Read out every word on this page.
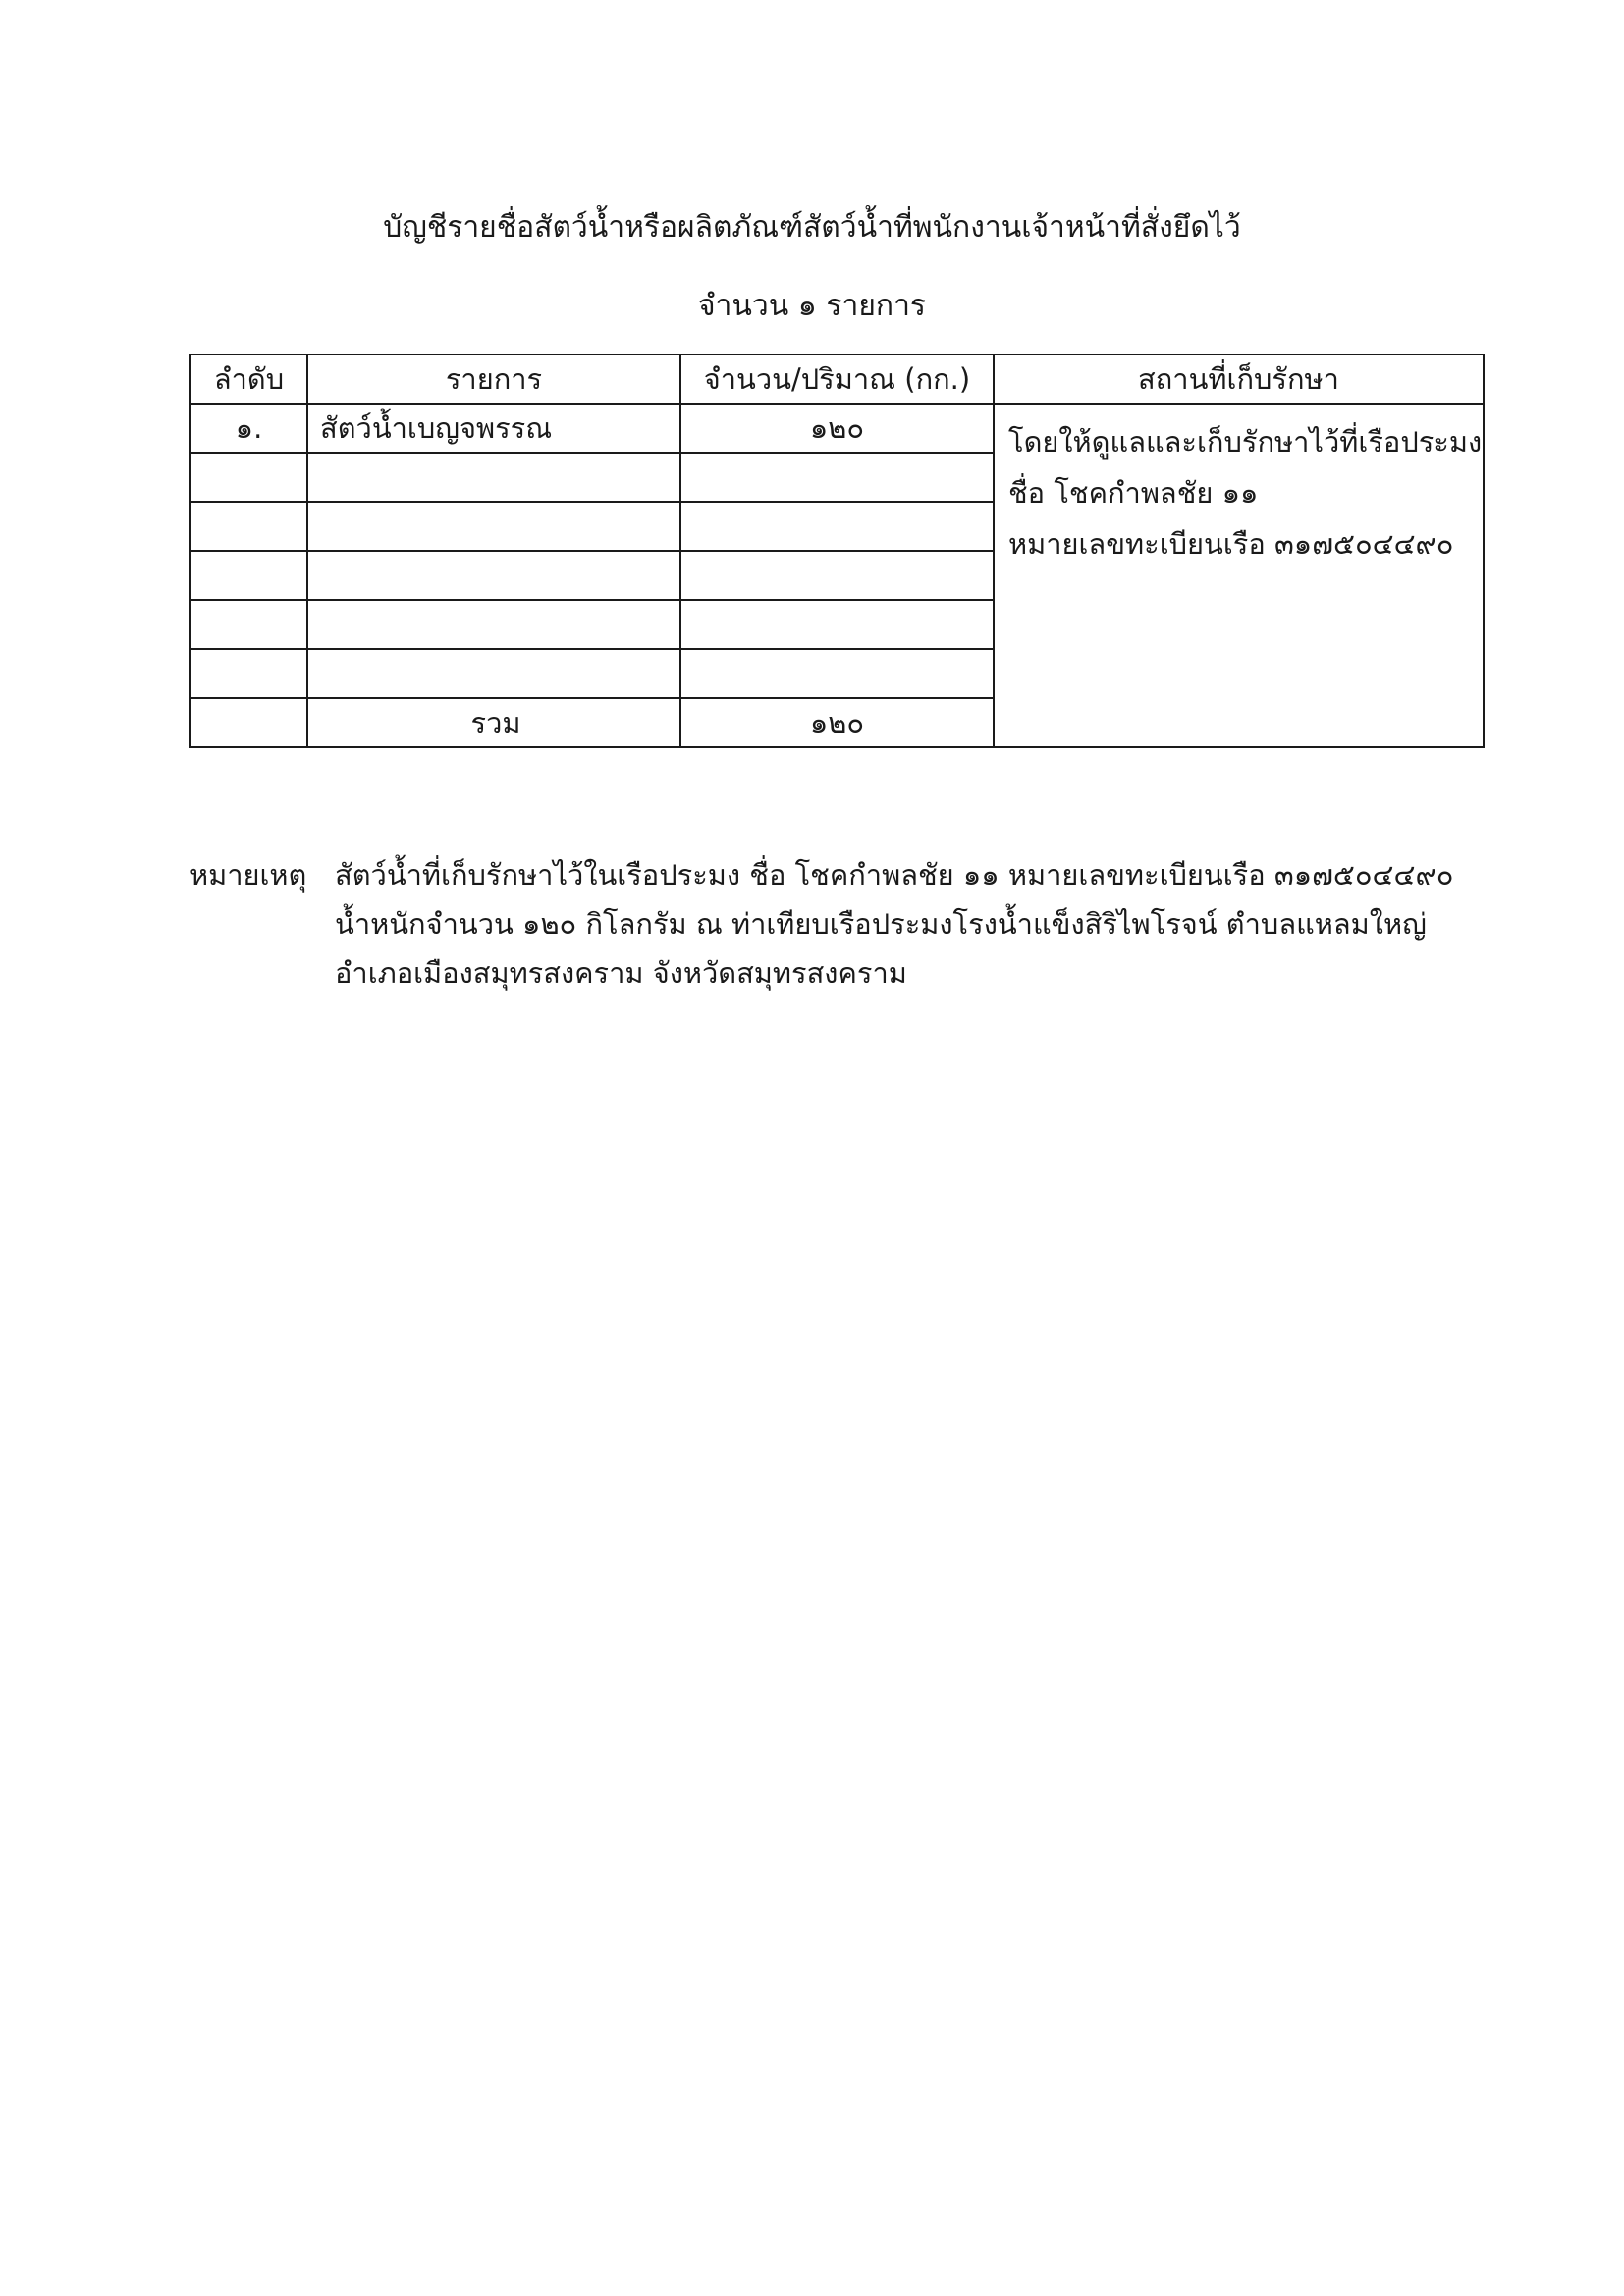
บัญชีรายชื่อสัตว์น้ำหรือผลิตภัณฑ์สัตว์น้ำที่พนักงานเจ้าหน้าที่สั่งยึดไว้
จำนวน ๑ รายการ
ลำดับ	รายการ	จำนวน/ปริมาณ (กก.)	สถานที่เก็บรักษา
๑.	สัตว์น้ำเบญจพรรณ	๑๒๐	โดยให้ดูแลและเก็บรักษาไว้ที่เรือประมง
ชื่อ โชคกำพลชัย ๑๑
หมายเลขทะเบียนเรือ ๓๑๗๕๐๔๔๙๐

	รวม	๑๒๐
หมายเหตุ สัตว์น้ำที่เก็บรักษาไว้ในเรือประมง ชื่อ โชคกำพลชัย ๑๑ หมายเลขทะเบียนเรือ ๓๑๗๕๐๔๔๙๐
น้ำหนักจำนวน ๑๒๐ กิโลกรัม ณ ท่าเทียบเรือประมงโรงน้ำแข็งสิริไพโรจน์ ตำบลแหลมใหญ่
อำเภอเมืองสมุทรสงคราม จังหวัดสมุทรสงคราม
